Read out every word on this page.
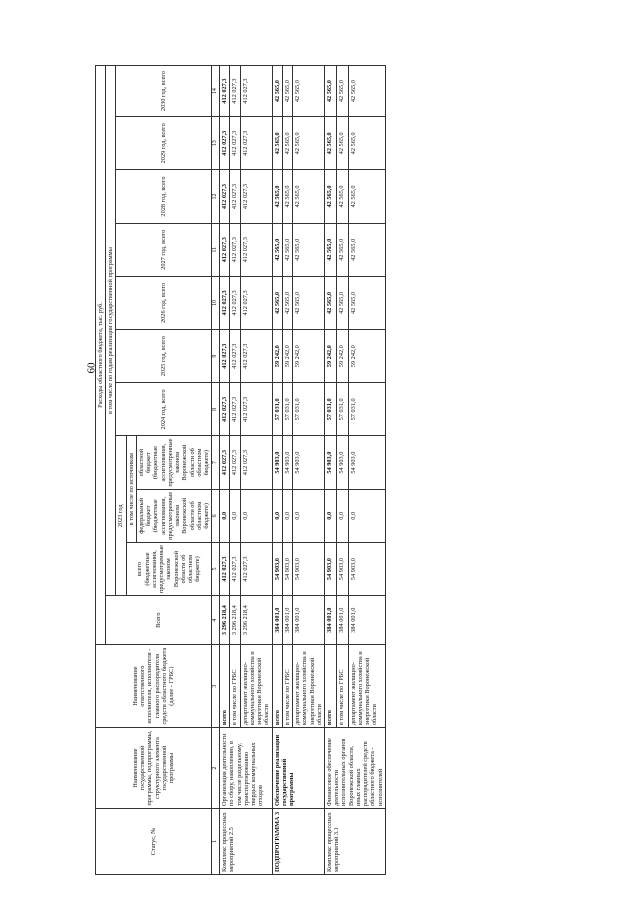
60
Статус, №	Наименование государственной программы, подпрограммы, структурного элемента государственной программы	Наименование ответственного исполнителя, исполнителя - главного распорядителя средств областного бюджета (далее - ГРБС)	Расходы областного бюджета, тыс. руб.										
			Всего	в том числе по годам реализации государственной программы									
				2023 год			2024 год, всего	2025 год, всего	2026 год, всего	2027 год, всего	2028 год, всего	2029 год, всего	2030 год, всего
				всего (бюджетные ассигнования, предусмотренные законом Воронежской области об областном бюджете)	в том числе по источникам								
					федеральный бюджет (бюджетные ассигнования, предусмотренные законом Воронежской области об областном бюджете)	областной бюджет (бюджетные ассигнования, предусмотренные законом Воронежской области об областном бюджете)							
1	2	3	4	5	6	7	8	9	10	11	12	13	14
Комплекс процессных мероприятий 2.5	Организация деятельности по сбору, накоплению, в том числе раздельному, транспортированию твердых коммунальных отходов	всего	3 296 218,4	412 027,3	0,0	412 027,3	412 027,3	412 027,3	412 027,3	412 027,3	412 027,3	412 027,3	412 027,3
		в том числе по ГРБС	3 296 218,4	412 027,3	0,0	412 027,3	412 027,3	412 027,3	412 027,3	412 027,3	412 027,3	412 027,3	412 027,3
		департамент жилищно-коммунального хозяйства и энергетики Воронежской области	3 296 218,4	412 027,3	0,0	412 027,3	412 027,3	412 027,3	412 027,3	412 027,3	412 027,3	412 027,3	412 027,3
ПОДПРОГРАММА 3	Обеспечение реализации государственной программы	всего	384 001,0	54 903,0	0,0	54 903,0	57 031,0	59 242,0	42 565,0	42 565,0	42 565,0	42 565,0	42 565,0
		в том числе по ГРБС	384 001,0	54 903,0	0,0	54 903,0	57 031,0	59 242,0	42 565,0	42 565,0	42 565,0	42 565,0	42 565,0
		департамент жилищно-коммунального хозяйства и энергетики Воронежской области	384 001,0	54 903,0	0,0	54 903,0	57 031,0	59 242,0	42 565,0	42 565,0	42 565,0	42 565,0	42 565,0
Комплекс процессных мероприятий 3.1	Финансовое обеспечение деятельности исполнительных органов Воронежской области, иных главных распорядителей средств областного бюджета - исполнителей	всего	384 001,0	54 903,0	0,0	54 903,0	57 031,0	59 242,0	42 565,0	42 565,0	42 565,0	42 565,0	42 565,0
		в том числе по ГРБС	384 001,0	54 903,0	0,0	54 903,0	57 031,0	59 242,0	42 565,0	42 565,0	42 565,0	42 565,0	42 565,0
		департамент жилищно-коммунального хозяйства и энергетики Воронежской области	384 001,0	54 903,0	0,0	54 903,0	57 031,0	59 242,0	42 565,0	42 565,0	42 565,0	42 565,0	42 565,0
